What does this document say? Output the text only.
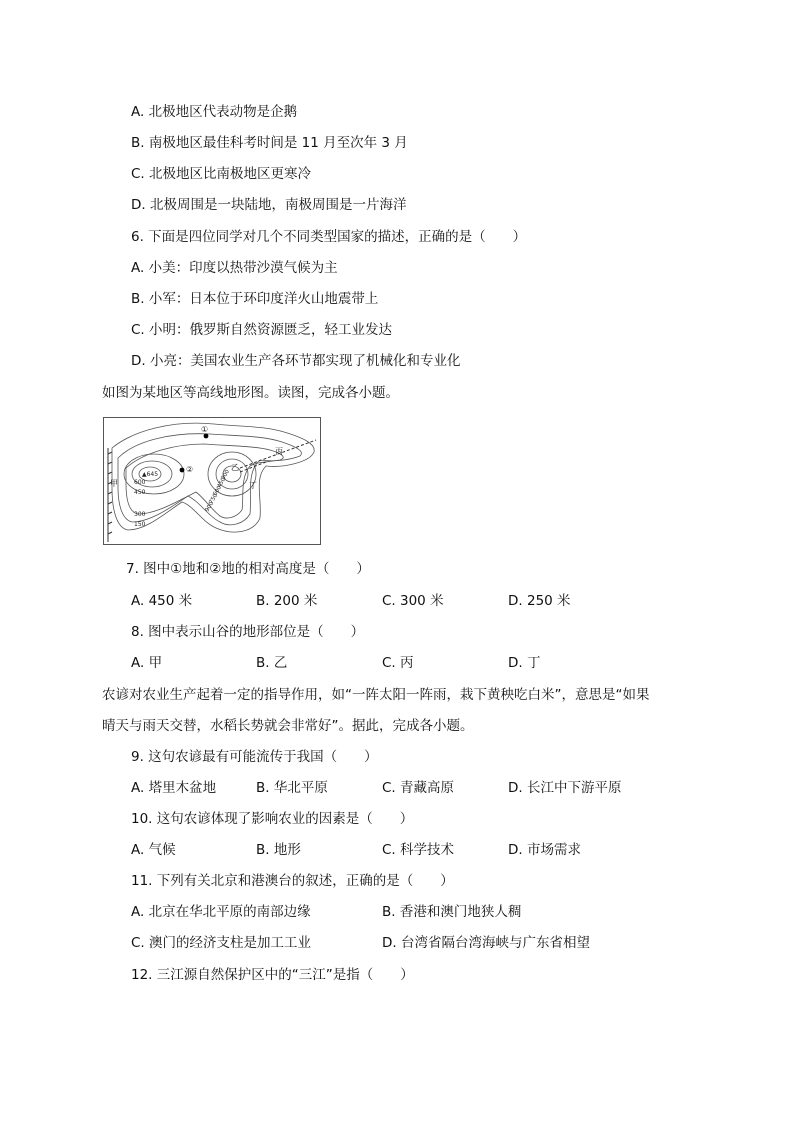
A. 北极地区代表动物是企鹅
B. 南极地区最佳科考时间是 11 月至次年 3 月
C. 北极地区比南极地区更寒冷
D. 北极周围是一块陆地，南极周围是一片海洋
6. 下面是四位同学对几个不同类型国家的描述，正确的是（　　）
A. 小美：印度以热带沙漠气候为主
B. 小军：日本位于环印度洋火山地震带上
C. 小明：俄罗斯自然资源匮乏，轻工业发达
D. 小亮：美国农业生产各环节都实现了机械化和专业化
如图为某地区等高线地形图。读图，完成各小题。
①
②
▲645
甲
乙
丙
丁
600
450
300
150
300
450
600
750
900
7. 图中①地和②地的相对高度是（　　）
A. 450 米	B. 200 米	C. 300 米	D. 250 米
8. 图中表示山谷的地形部位是（　　）
A. 甲	B. 乙	C. 丙	D. 丁
农谚对农业生产起着一定的指导作用，如“一阵太阳一阵雨，栽下黄秧吃白米”，意思是“如果
晴天与雨天交替，水稻长势就会非常好”。据此，完成各小题。
9. 这句农谚最有可能流传于我国（　　）
A. 塔里木盆地	B. 华北平原	C. 青藏高原	D. 长江中下游平原
10. 这句农谚体现了影响农业的因素是（　　）
A. 气候	B. 地形	C. 科学技术	D. 市场需求
11. 下列有关北京和港澳台的叙述，正确的是（　　）
A. 北京在华北平原的南部边缘	B. 香港和澳门地狭人稠
C. 澳门的经济支柱是加工工业	D. 台湾省隔台湾海峡与广东省相望
12. 三江源自然保护区中的“三江”是指（　　）
